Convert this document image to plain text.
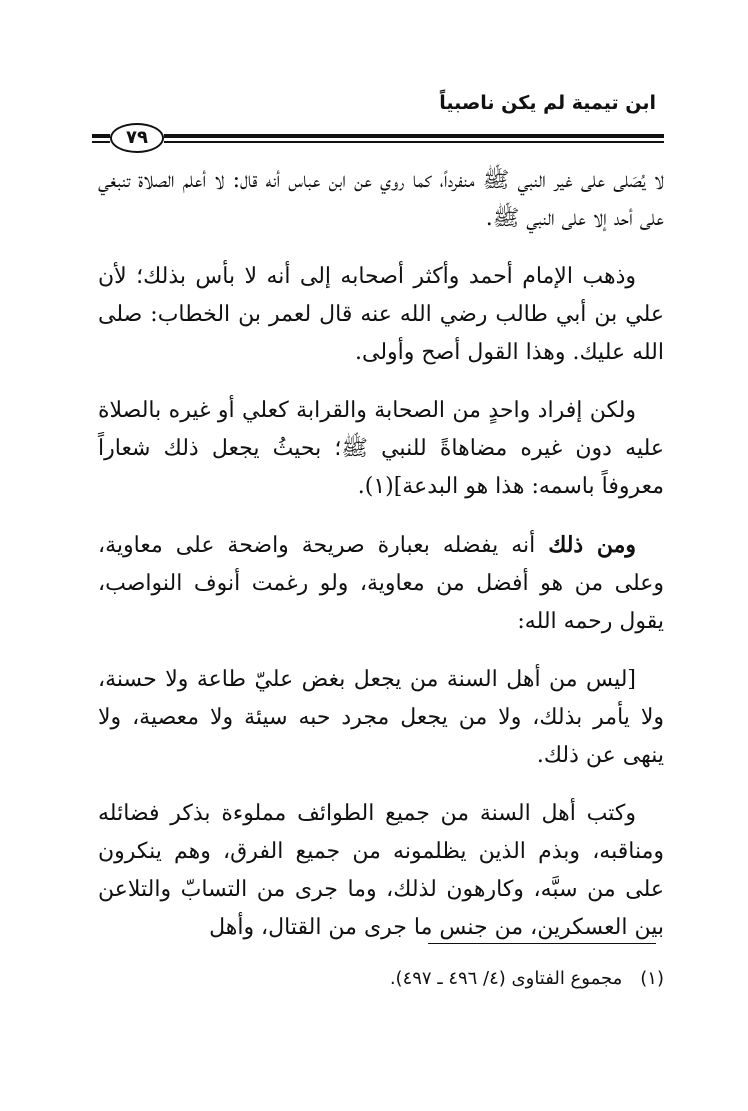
ابن تيمية لم يكن ناصبياً
٧٩

لا يُصَلى على غير النبي ﷺ منفرداً، كما روي عن ابن عباس أنه قال: لا أعلم الصلاة تنبغي على أحد إلا على النبي ﷺ.

وذهب الإمام أحمد وأكثر أصحابه إلى أنه لا بأس بذلك؛ لأن علي بن أبي طالب رضي الله عنه قال لعمر بن الخطاب: صلى الله عليك. وهذا القول أصح وأولى.

ولكن إفراد واحدٍ من الصحابة والقرابة كعلي أو غيره بالصلاة عليه دون غيره مضاهاةً للنبي ﷺ؛ بحيثُ يجعل ذلك شعاراً معروفاً باسمه: هذا هو البدعة](١).

ومن ذلك أنه يفضله بعبارة صريحة واضحة على معاوية، وعلى من هو أفضل من معاوية، ولو رغمت أنوف النواصب، يقول رحمه الله:

[ليس من أهل السنة من يجعل بغض عليّ طاعة ولا حسنة، ولا يأمر بذلك، ولا من يجعل مجرد حبه سيئة ولا معصية، ولا ينهى عن ذلك.

وكتب أهل السنة من جميع الطوائف مملوءة بذكر فضائله ومناقبه، وبذم الذين يظلمونه من جميع الفرق، وهم ينكرون على من سبَّه، وكارهون لذلك، وما جرى من التسابّ والتلاعن بين العسكرين، من جنس ما جرى من القتال، وأهل

(١)
مجموع الفتاوى (٤/ ٤٩٦ ـ ٤٩٧).
